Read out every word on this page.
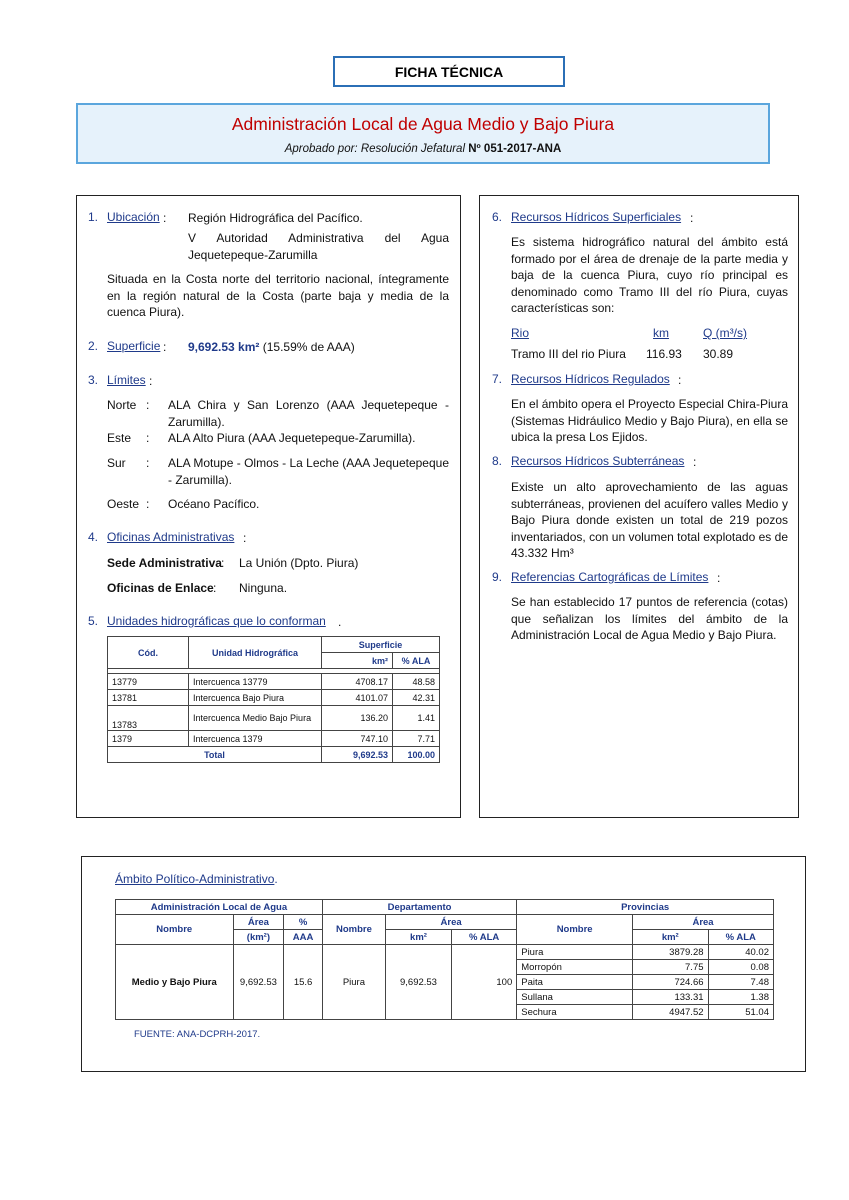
FICHA TÉCNICA
Administración Local de Agua Medio y Bajo Piura
Aprobado por: Resolución Jefatural Nº 051-2017-ANA
1. Ubicación : Región Hidrográfica del Pacífico.
V Autoridad Administrativa del Agua Jequetepeque-Zarumilla
Situada en la Costa norte del territorio nacional, íntegramente en la región natural de la Costa (parte baja y media de la cuenca Piura).
2. Superficie : 9,692.53 km² (15.59% de AAA)
3. Límites :
Norte : ALA Chira y San Lorenzo (AAA Jequetepeque - Zarumilla).
Este : ALA Alto Piura (AAA Jequetepeque-Zarumilla).
Sur : ALA Motupe - Olmos - La Leche (AAA Jequetepeque - Zarumilla).
Oeste : Océano Pacífico.
4. Oficinas Administrativas :
Sede Administrativa : La Unión (Dpto. Piura)
Oficinas de Enlace : Ninguna.
5. Unidades hidrográficas que lo conforman .
Cód.	Unidad Hidrográfica	Superficie	
		km²	% ALA

13779	Intercuenca 13779	4708.17	48.58
13781	Intercuenca Bajo Piura	4101.07	42.31
13783	Intercuenca Medio Bajo Piura	136.20	1.41
1379	Intercuenca 1379	747.10	7.71
Total		9,692.53	100.00
6. Recursos Hídricos Superficiales :
Es sistema hidrográfico natural del ámbito está formado por el área de drenaje de la parte media y baja de la cuenca Piura, cuyo río principal es denominado como Tramo III del río Piura, cuyas características son:
Rio	km	Q (m³/s)
Tramo III del rio Piura 116.93 30.89
7. Recursos Hídricos Regulados :
En el ámbito opera el Proyecto Especial Chira-Piura (Sistemas Hidráulico Medio y Bajo Piura), en ella se ubica la presa Los Ejidos.
8. Recursos Hídricos Subterráneas :
Existe un alto aprovechamiento de las aguas subterráneas, provienen del acuífero valles Medio y Bajo Piura donde existen un total de 219 pozos inventariados, con un volumen total explotado es de 43.332 Hm³
9. Referencias Cartográficas de Límites :
Se han establecido 17 puntos de referencia (cotas) que señalizan los límites del ámbito de la Administración Local de Agua Medio y Bajo Piura.
Ámbito Político-Administrativo.
Administración Local de Agua			Departamento			Provincias		
Nombre	Área	%	Nombre	Área		Nombre	Área	
	(km²)	AAA		km²	% ALA		km²	% ALA
Medio y Bajo Piura	9,692.53	15.6	Piura	9,692.53	100	Piura	3879.28	40.02
						Morropón	7.75	0.08
						Paita	724.66	7.48
						Sullana	133.31	1.38
						Sechura	4947.52	51.04
FUENTE: ANA-DCPRH-2017.
